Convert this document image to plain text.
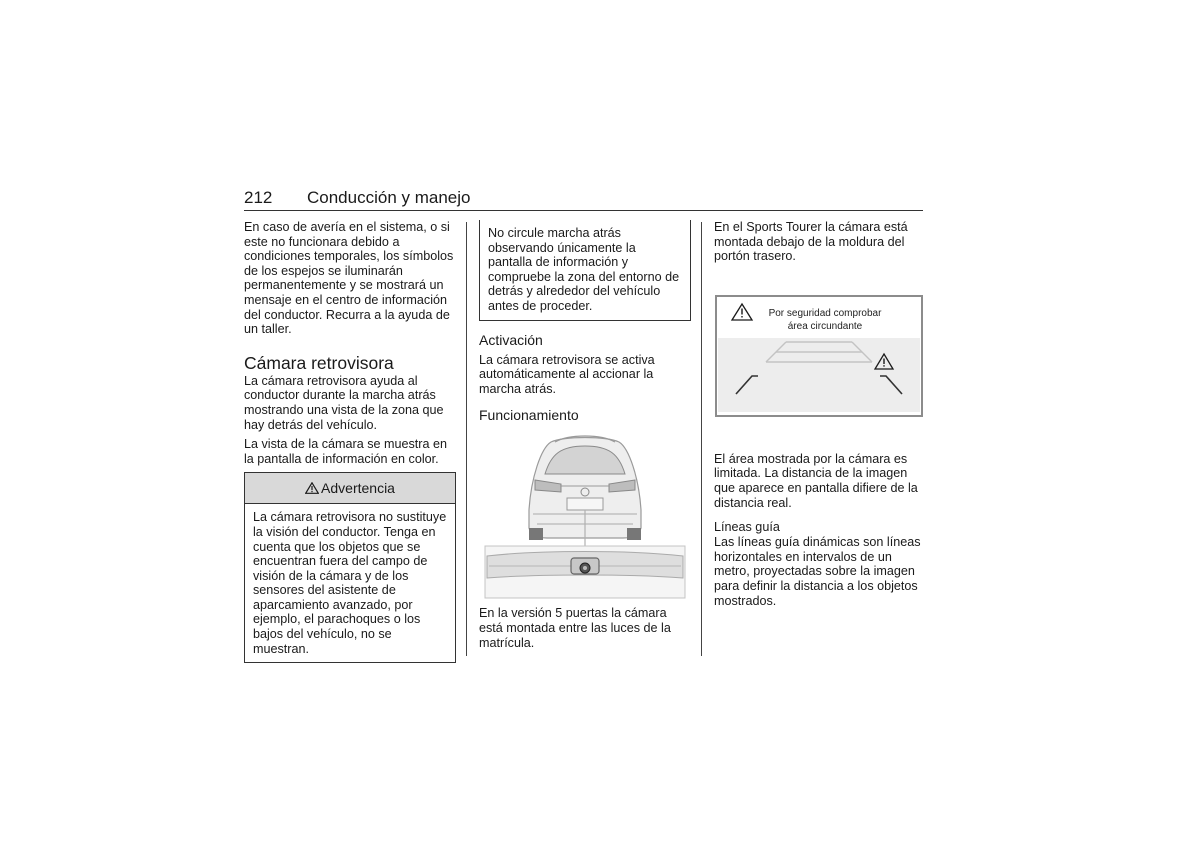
212 Conducción y manejo

En caso de avería en el sistema, o si este no funcionara debido a condiciones temporales, los símbolos de los espejos se iluminarán permanentemente y se mostrará un mensaje en el centro de información del conductor. Recurra a la ayuda de un taller.

Cámara retrovisora

La cámara retrovisora ayuda al conductor durante la marcha atrás mostrando una vista de la zona que hay detrás del vehículo.

La vista de la cámara se muestra en la pantalla de información en color.

Advertencia
La cámara retrovisora no sustituye la visión del conductor. Tenga en cuenta que los objetos que se encuentran fuera del campo de visión de la cámara y de los sensores del asistente de aparcamiento avanzado, por ejemplo, el parachoques o los bajos del vehículo, no se muestran.
No circule marcha atrás observando únicamente la pantalla de información y compruebe la zona del entorno de detrás y alrededor del vehículo antes de proceder.
Activación

La cámara retrovisora se activa automáticamente al accionar la marcha atrás.

Funcionamiento

En la versión 5 puertas la cámara está montada entre las luces de la matrícula.

En el Sports Tourer la cámara está montada debajo de la moldura del portón trasero.

Por seguridad comprobar
área circundante

El área mostrada por la cámara es limitada. La distancia de la imagen que aparece en pantalla difiere de la distancia real.

Líneas guía

Las líneas guía dinámicas son líneas horizontales en intervalos de un metro, proyectadas sobre la imagen para definir la distancia a los objetos mostrados.
